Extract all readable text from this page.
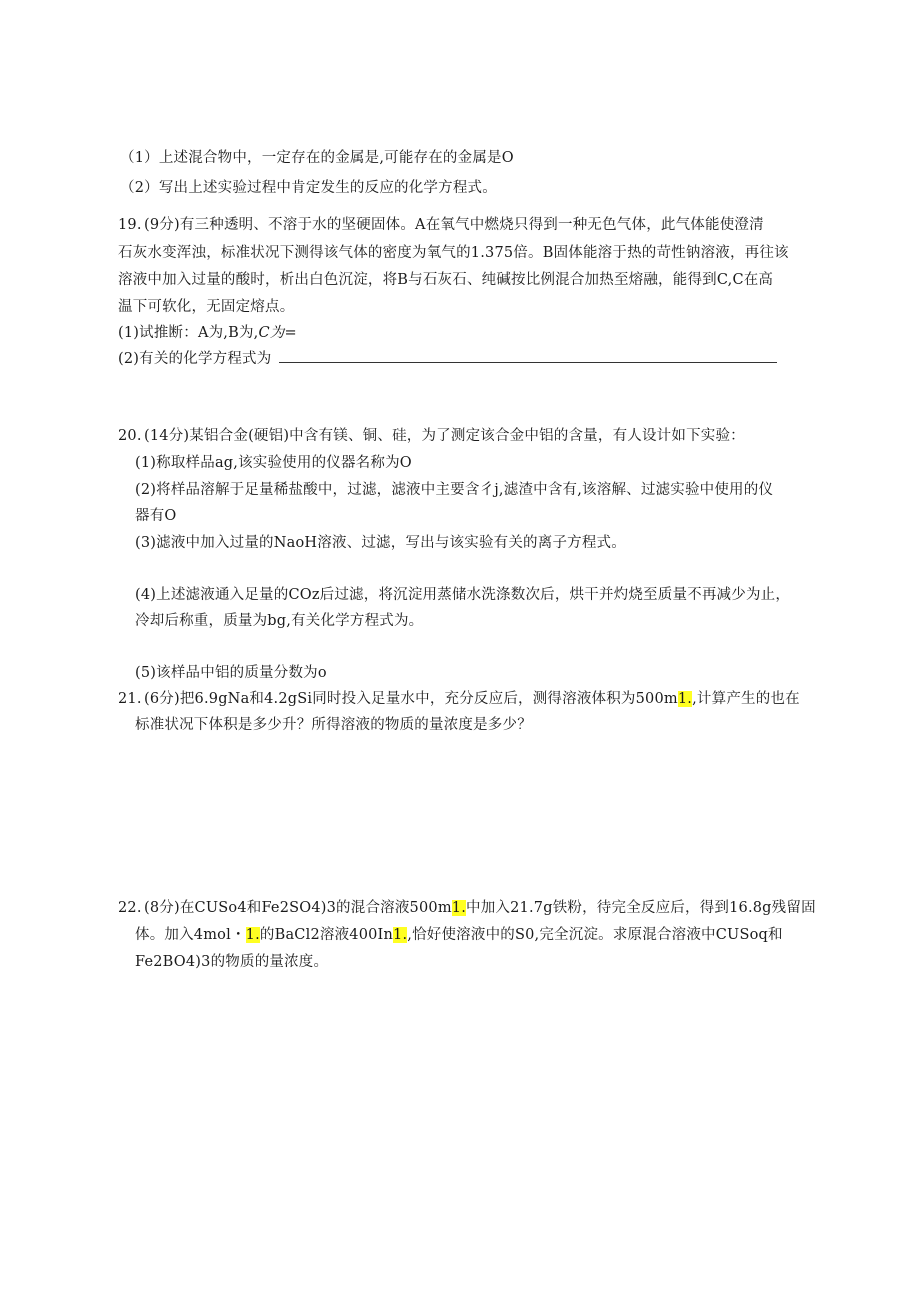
（1）上述混合物中，一定存在的金属是,可能存在的金属是O
（2）写出上述实验过程中肯定发生的反应的化学方程式。
19. (9分)有三种透明、不溶于水的坚硬固体。A在氧气中燃烧只得到一种无色气体，此气体能使澄清
石灰水变浑浊，标准状况下测得该气体的密度为氧气的1.375倍。B固体能溶于热的苛性钠溶液，再往该
溶液中加入过量的酸时，析出白色沉淀，将B与石灰石、纯碱按比例混合加热至熔融，能得到C,C在高
温下可软化，无固定熔点。
(1)试推断：A为,B为,C为=
(2)有关的化学方程式为
20. (14分)某铝合金(硬铝)中含有镁、铜、硅，为了测定该合金中铝的含量，有人设计如下实验：
(1)称取样品ag,该实验使用的仪器名称为O
(2)将样品溶解于足量稀盐酸中，过滤，滤液中主要含彳j,滤渣中含有,该溶解、过滤实验中使用的仪
器有O
(3)滤液中加入过量的NaoH溶液、过滤，写出与该实验有关的离子方程式。
(4)上述滤液通入足量的COz后过滤，将沉淀用蒸储水洗涤数次后，烘干并灼烧至质量不再减少为止，
冷却后称重，质量为bg,有关化学方程式为。
(5)该样品中铝的质量分数为o
21. (6分)把6.9gNa和4.2gSi同时投入足量水中，充分反应后，测得溶液体积为500m1.,计算产生的也在
标准状况下体积是多少升？所得溶液的物质的量浓度是多少？
22. (8分)在CUSo4和Fe2SO4)3的混合溶液500m1.中加入21.7g铁粉，待完全反应后，得到16.8g残留固
体。加入4mol・1.的BaCl2溶液400In1.,恰好使溶液中的S0,完全沉淀。求原混合溶液中CUSoq和
Fe2BO4)3的物质的量浓度。
